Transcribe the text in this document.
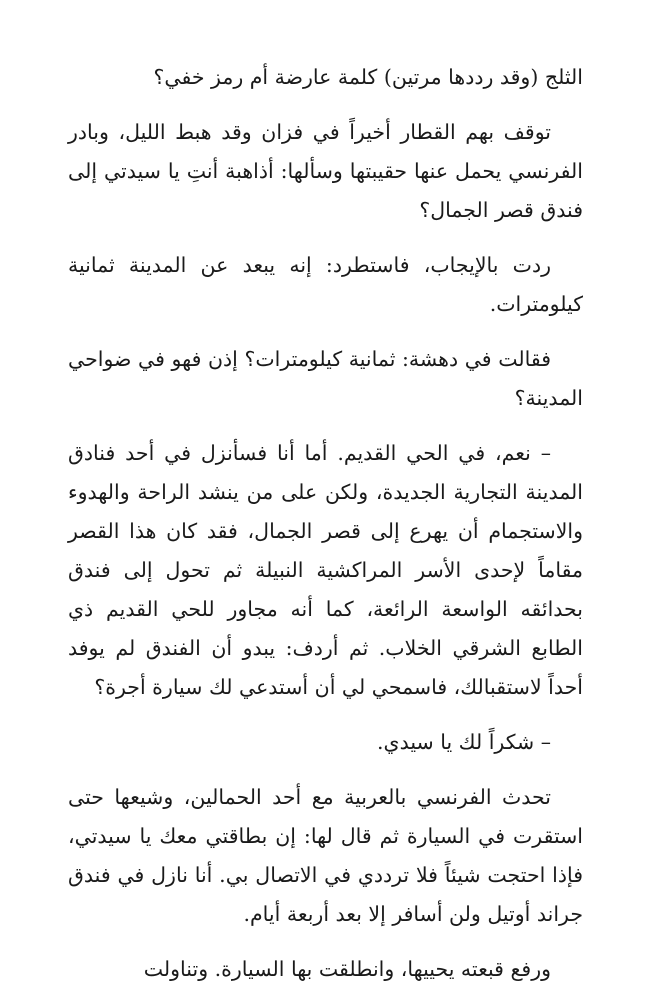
الثلج (وقد رددها مرتين) كلمة عارضة أم رمز خفي؟

توقف بهم القطار أخيراً في فزان وقد هبط الليل، وبادر الفرنسي يحمل عنها حقيبتها وسألها: أذاهبة أنتِ يا سيدتي إلى فندق قصر الجمال؟

ردت بالإيجاب، فاستطرد: إنه يبعد عن المدينة ثمانية كيلومترات.

فقالت في دهشة: ثمانية كيلومترات؟ إذن فهو في ضواحي المدينة؟

– نعم، في الحي القديم. أما أنا فسأنزل في أحد فنادق المدينة التجارية الجديدة، ولكن على من ينشد الراحة والهدوء والاستجمام أن يهرع إلى قصر الجمال، فقد كان هذا القصر مقاماً لإحدى الأسر المراكشية النبيلة ثم تحول إلى فندق بحدائقه الواسعة الرائعة، كما أنه مجاور للحي القديم ذي الطابع الشرقي الخلاب. ثم أردف: يبدو أن الفندق لم يوفد أحداً لاستقبالك، فاسمحي لي أن أستدعي لك سيارة أجرة؟

– شكراً لك يا سيدي.

تحدث الفرنسي بالعربية مع أحد الحمالين، وشيعها حتى استقرت في السيارة ثم قال لها: إن بطاقتي معك يا سيدتي، فإذا احتجت شيئاً فلا ترددي في الاتصال بي. أنا نازل في فندق جراند أوتيل ولن أسافر إلا بعد أربعة أيام.

ورفع قبعته يحييها، وانطلقت بها السيارة. وتناولت
